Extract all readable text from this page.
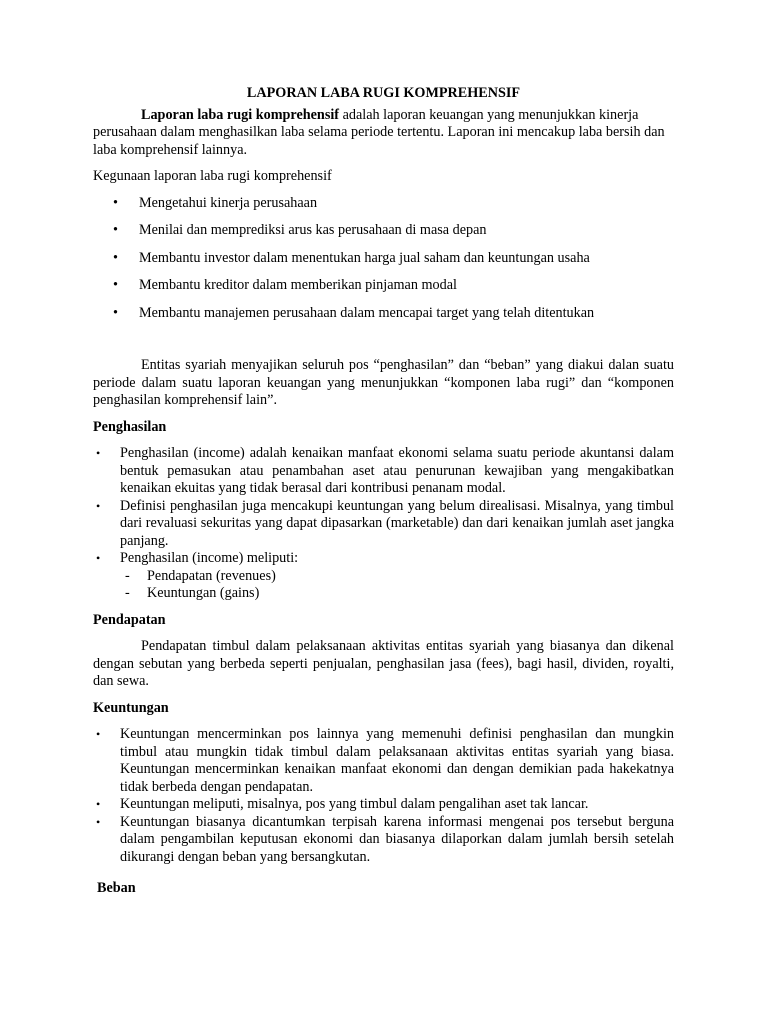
LAPORAN LABA RUGI KOMPREHENSIF

Laporan laba rugi komprehensif adalah laporan keuangan yang menunjukkan kinerja perusahaan dalam menghasilkan laba selama periode tertentu. Laporan ini mencakup laba bersih dan laba komprehensif lainnya.

Kegunaan laporan laba rugi komprehensif

• Mengetahui kinerja perusahaan
• Menilai dan memprediksi arus kas perusahaan di masa depan
• Membantu investor dalam menentukan harga jual saham dan keuntungan usaha
• Membantu kreditor dalam memberikan pinjaman modal
• Membantu manajemen perusahaan dalam mencapai target yang telah ditentukan

Entitas syariah menyajikan seluruh pos “penghasilan” dan “beban” yang diakui dalan suatu periode dalam suatu laporan keuangan yang menunjukkan “komponen laba rugi” dan “komponen penghasilan komprehensif lain”.

Penghasilan

• Penghasilan (income) adalah kenaikan manfaat ekonomi selama suatu periode akuntansi dalam bentuk pemasukan atau penambahan aset atau penurunan kewajiban yang mengakibatkan kenaikan ekuitas yang tidak berasal dari kontribusi penanam modal.
• Definisi penghasilan juga mencakupi keuntungan yang belum direalisasi. Misalnya, yang timbul dari revaluasi sekuritas yang dapat dipasarkan (marketable) dan dari kenaikan jumlah aset jangka panjang.
• Penghasilan (income) meliputi:
- Pendapatan (revenues)
- Keuntungan (gains)

Pendapatan

Pendapatan timbul dalam pelaksanaan aktivitas entitas syariah yang biasanya dan dikenal dengan sebutan yang berbeda seperti penjualan, penghasilan jasa (fees), bagi hasil, dividen, royalti, dan sewa.

Keuntungan

• Keuntungan mencerminkan pos lainnya yang memenuhi definisi penghasilan dan mungkin timbul atau mungkin tidak timbul dalam pelaksanaan aktivitas entitas syariah yang biasa. Keuntungan mencerminkan kenaikan manfaat ekonomi dan dengan demikian pada hakekatnya tidak berbeda dengan pendapatan.
• Keuntungan meliputi, misalnya, pos yang timbul dalam pengalihan aset tak lancar.
• Keuntungan biasanya dicantumkan terpisah karena informasi mengenai pos tersebut berguna dalam pengambilan keputusan ekonomi dan biasanya dilaporkan dalam jumlah bersih setelah dikurangi dengan beban yang bersangkutan.

Beban
